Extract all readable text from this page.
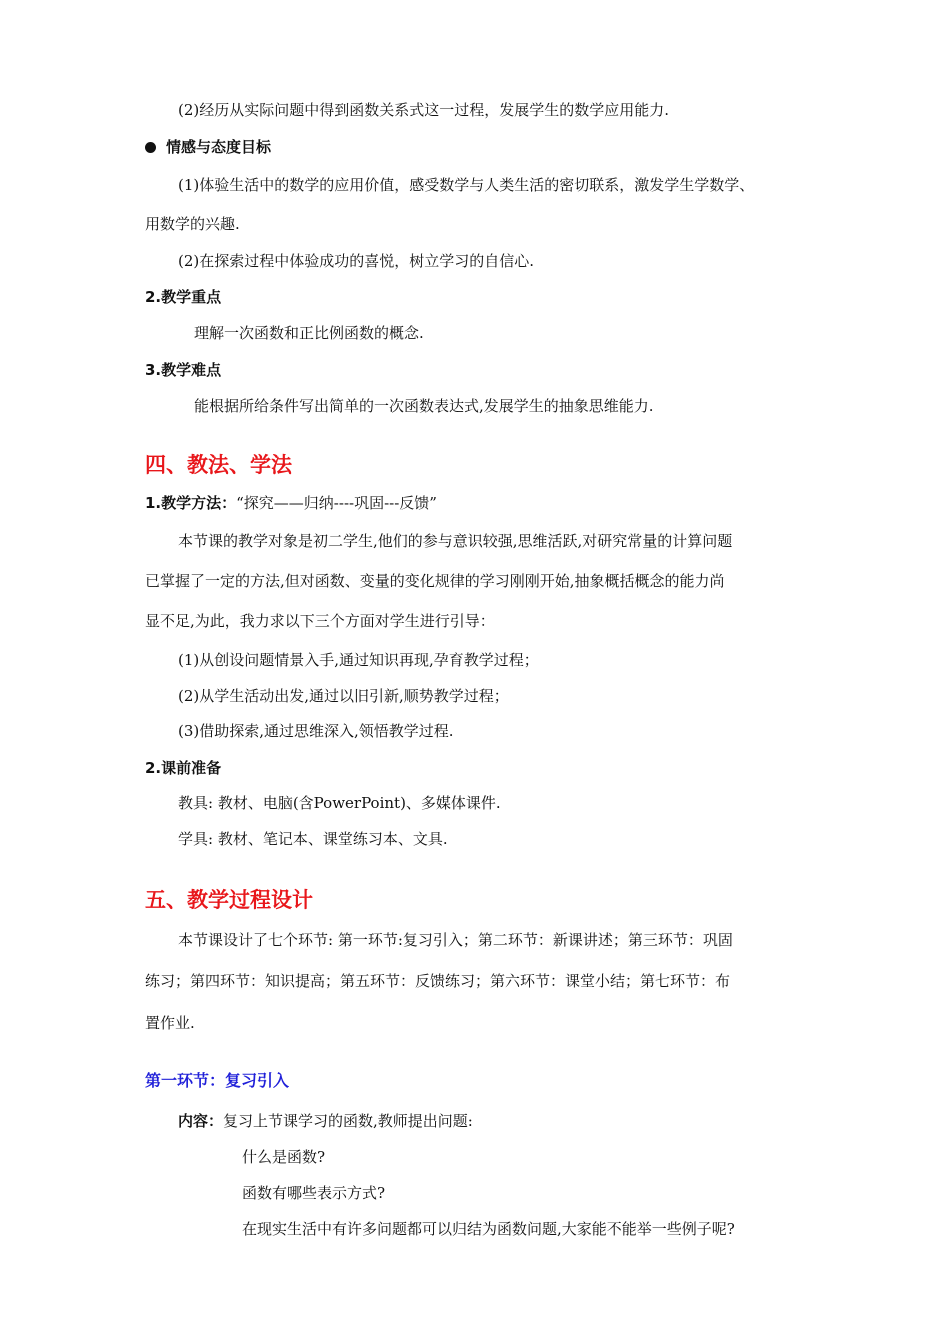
(2)经历从实际问题中得到函数关系式这一过程，发展学生的数学应用能力.
情感与态度目标
(1)体验生活中的数学的应用价值，感受数学与人类生活的密切联系，激发学生学数学、
用数学的兴趣.
(2)在探索过程中体验成功的喜悦，树立学习的自信心.
2.教学重点
理解一次函数和正比例函数的概念.
3.教学难点
能根据所给条件写出简单的一次函数表达式,发展学生的抽象思维能力.
四、教法、学法
1.教学方法：“探究——归纳----巩固---反馈”
本节课的教学对象是初二学生,他们的参与意识较强,思维活跃,对研究常量的计算问题
已掌握了一定的方法,但对函数、变量的变化规律的学习刚刚开始,抽象概括概念的能力尚
显不足,为此，我力求以下三个方面对学生进行引导：
(1)从创设问题情景入手,通过知识再现,孕育教学过程；
(2)从学生活动出发,通过以旧引新,顺势教学过程；
(3)借助探索,通过思维深入,领悟教学过程.
2.课前准备
教具: 教材、电脑(含PowerPoint)、多媒体课件.
学具: 教材、笔记本、课堂练习本、文具.
五、教学过程设计
本节课设计了七个环节: 第一环节:复习引入；第二环节：新课讲述；第三环节：巩固
练习；第四环节：知识提高；第五环节：反馈练习；第六环节：课堂小结；第七环节：布
置作业.
第一环节：复习引入
内容：复习上节课学习的函数,教师提出问题:
什么是函数?
函数有哪些表示方式?
在现实生活中有许多问题都可以归结为函数问题,大家能不能举一些例子呢?
